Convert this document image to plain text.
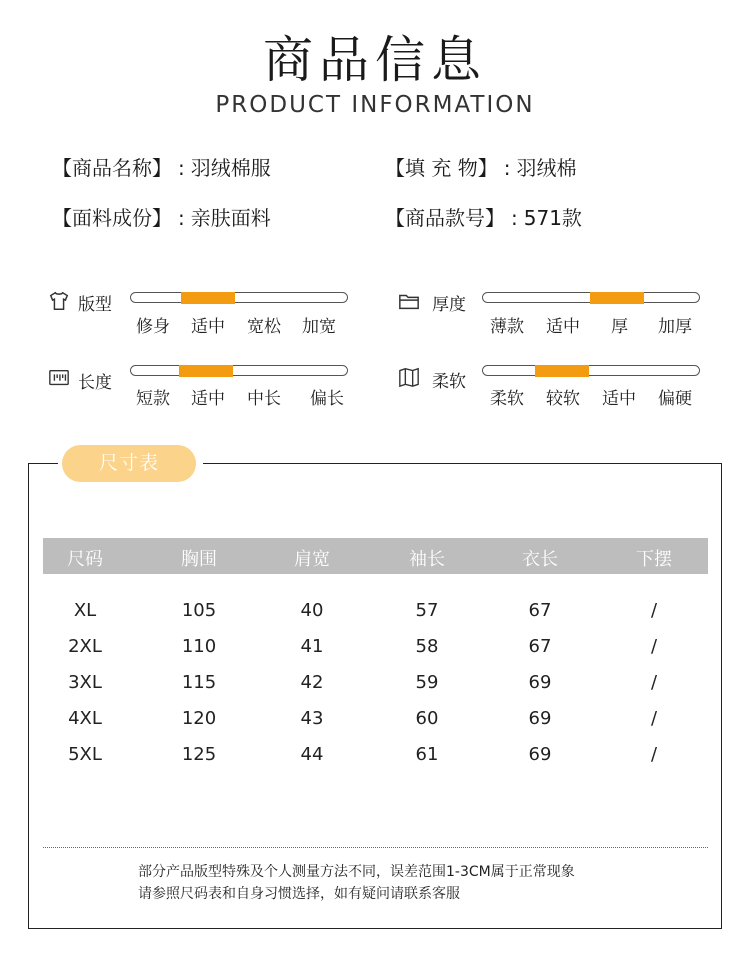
商品信息
PRODUCT INFORMATION
【商品名称】 : 羽绒棉服	【填 充 物】 : 羽绒棉
【面料成份】 : 亲肤面料	【商品款号】 : 571款
版型
修身 适中 宽松 加宽
厚度
薄款 适中 厚 加厚
长度
短款 适中 中长 偏长
柔软
柔软 较软 适中 偏硬
尺寸表
尺码	胸围	肩宽	袖长	衣长	下摆
XL	105	40	57	67	/
2XL	110	41	58	67	/
3XL	115	42	59	69	/
4XL	120	43	60	69	/
5XL	125	44	61	69	/
部分产品版型特殊及个人测量方法不同，误差范围1-3CM属于正常现象
请参照尺码表和自身习惯选择，如有疑问请联系客服
